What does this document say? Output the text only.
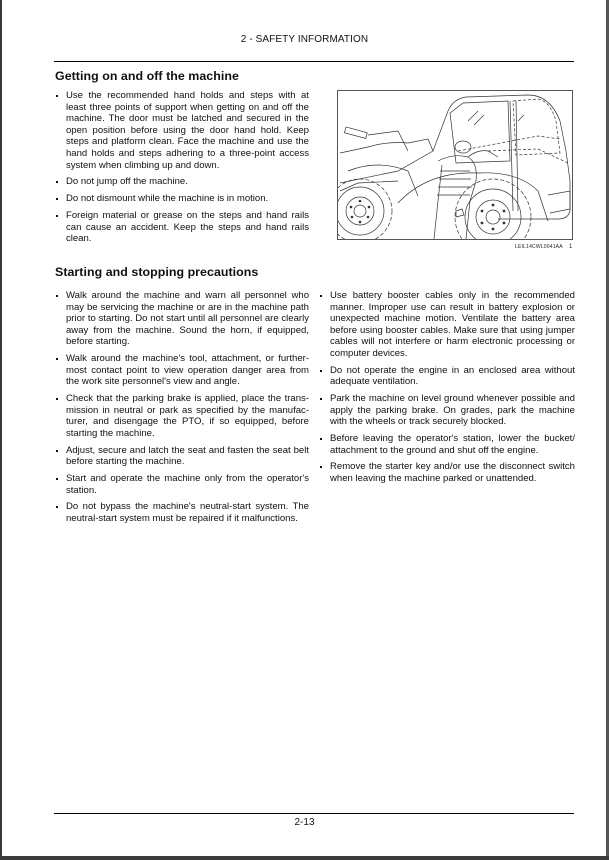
2 - SAFETY INFORMATION
Getting on and off the machine
Use the recommended hand holds and steps with at least three points of support when getting on and off the machine. The door must be latched and secured in the open position before using the door hand hold. Keep steps and platform clean. Face the machine and use the hand holds and steps adhering to a three-point access system when climbing up and down.
Do not jump off the machine.
Do not dismount while the machine is in motion.
Foreign material or grease on the steps and hand rails can cause an accident. Keep the steps and hand rails clean.
LEIL14CWL0041AA 1
Starting and stopping precautions
Walk around the machine and warn all personnel who may be servicing the machine or are in the machine path prior to starting. Do not start until all personnel are clearly away from the machine. Sound the horn, if equipped, before starting.
Walk around the machine's tool, attachment, or furthermost contact point to view operation danger area from the work site personnel's view and angle.
Check that the parking brake is applied, place the transmission in neutral or park as specified by the manufacturer, and disengage the PTO, if so equipped, before starting the machine.
Adjust, secure and latch the seat and fasten the seat belt before starting the machine.
Start and operate the machine only from the operator's station.
Do not bypass the machine's neutral-start system. The neutral-start system must be repaired if it malfunctions.
Use battery booster cables only in the recommended manner. Improper use can result in battery explosion or unexpected machine motion. Ventilate the battery area before using booster cables. Make sure that using jumper cables will not interfere or harm electronic processing or computer devices.
Do not operate the engine in an enclosed area without adequate ventilation.
Park the machine on level ground whenever possible and apply the parking brake. On grades, park the machine with the wheels or track securely blocked.
Before leaving the operator's station, lower the bucket/ attachment to the ground and shut off the engine.
Remove the starter key and/or use the disconnect switch when leaving the machine parked or unattended.
2-13
